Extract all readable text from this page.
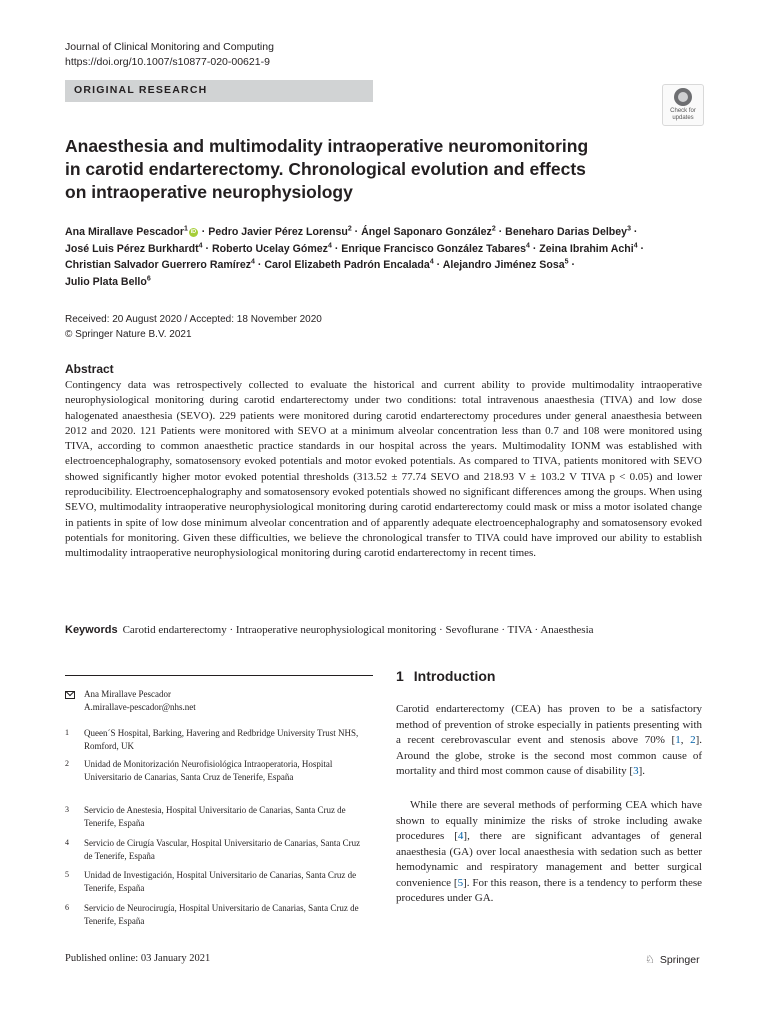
Journal of Clinical Monitoring and Computing
https://doi.org/10.1007/s10877-020-00621-9
ORIGINAL RESEARCH
Check for
updates
Anaesthesia and multimodality intraoperative neuromonitoring
in carotid endarterectomy. Chronological evolution and effects
on intraoperative neurophysiology
Ana Mirallave Pescador$^1$ iD · Pedro Javier Pérez Lorensu$^2$ · Ángel Saponaro González$^2$ · Beneharo Darias Delbey$^3$ ·
José Luis Pérez Burkhardt$^4$ · Roberto Ucelay Gómez$^4$ · Enrique Francisco González Tabares$^4$ · Zeina Ibrahim Achi$^4$ ·
Christian Salvador Guerrero Ramírez$^4$ · Carol Elizabeth Padrón Encalada$^4$ · Alejandro Jiménez Sosa$^5$ ·
Julio Plata Bello$^6$
Received: 20 August 2020 / Accepted: 18 November 2020
© Springer Nature B.V. 2021
Abstract
Contingency data was retrospectively collected to evaluate the historical and current ability to provide multimodality intraoperative neurophysiological monitoring during carotid endarterectomy under two conditions: total intravenous anaesthesia (TIVA) and low dose halogenated anaesthesia (SEVO). 229 patients were monitored during carotid endarterectomy procedures under general anaesthesia between 2012 and 2020. 121 Patients were monitored with SEVO at a minimum alveolar concentration less than 0.7 and 108 were monitored using TIVA, according to common anaesthetic practice standards in our hospital across the years. Multimodality IONM was established with electroencephalography, somatosensory evoked potentials and motor evoked potentials. As compared to TIVA, patients monitored with SEVO showed significantly higher motor evoked potential thresholds (313.52 ± 77.74 SEVO and 218.93 V ± 103.2 V TIVA p < 0.05) and lower reproducibility. Electroencephalography and somatosensory evoked potentials showed no significant differences among the groups. When using SEVO, multimodality intraoperative neurophysiological monitoring during carotid endarterectomy could mask or miss a motor isolated change in patients in spite of low dose minimum alveolar concentration and of apparently adequate electroencephalography and somatosensory evoked potentials for monitoring. Given these difficulties, we believe the chronological transfer to TIVA could have improved our ability to establish multimodality intraoperative neurophysiological monitoring during carotid endarterectomy in recent times.
Keywords Carotid endarterectomy · Intraoperative neurophysiological monitoring · Sevoflurane · TIVA · Anaesthesia
Ana Mirallave Pescador
A.mirallave-pescador@nhs.net
1	Queen´S Hospital, Barking, Havering and Redbridge University Trust NHS, Romford, UK
2	Unidad de Monitorización Neurofisiológica Intraoperatoria, Hospital Universitario de Canarias, Santa Cruz de Tenerife, España
3	Servicio de Anestesia, Hospital Universitario de Canarias, Santa Cruz de Tenerife, España
4	Servicio de Cirugía Vascular, Hospital Universitario de Canarias, Santa Cruz de Tenerife, España
5	Unidad de Investigación, Hospital Universitario de Canarias, Santa Cruz de Tenerife, España
6	Servicio de Neurocirugía, Hospital Universitario de Canarias, Santa Cruz de Tenerife, España
1 Introduction
Carotid endarterectomy (CEA) has proven to be a satisfactory method of prevention of stroke especially in patients presenting with a recent cerebrovascular event and stenosis above 70% [1, 2]. Around the globe, stroke is the second most common cause of mortality and third most common cause of disability [3].
While there are several methods of performing CEA which have shown to equally minimize the risks of stroke including awake procedures [4], there are significant advantages of general anaesthesia (GA) over local anaesthesia with sedation such as better hemodynamic and respiratory management and better surgical convenience [5]. For this reason, there is a tendency to perform these procedures under GA.
Published online: 03 January 2021	♘ Springer
